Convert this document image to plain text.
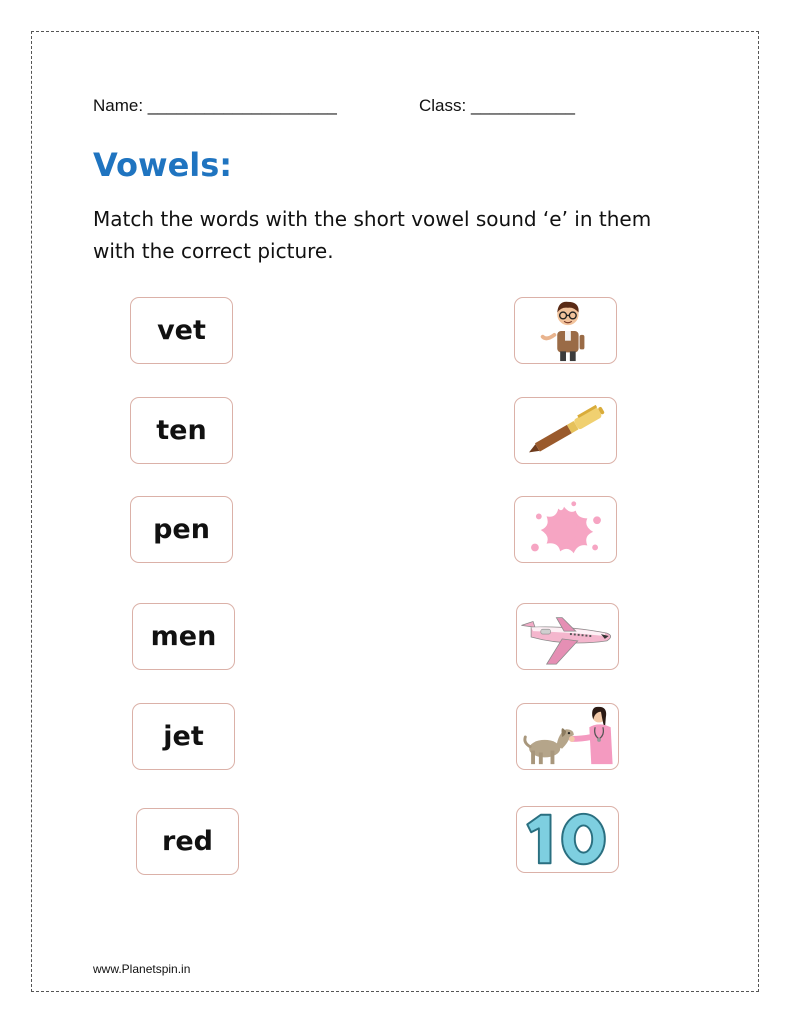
Name: ____________________	Class: ___________
Vowels:
Match the words with the short vowel sound ‘e’ in them with the correct picture.
vet
ten
pen
men
jet
red
www.Planetspin.in
